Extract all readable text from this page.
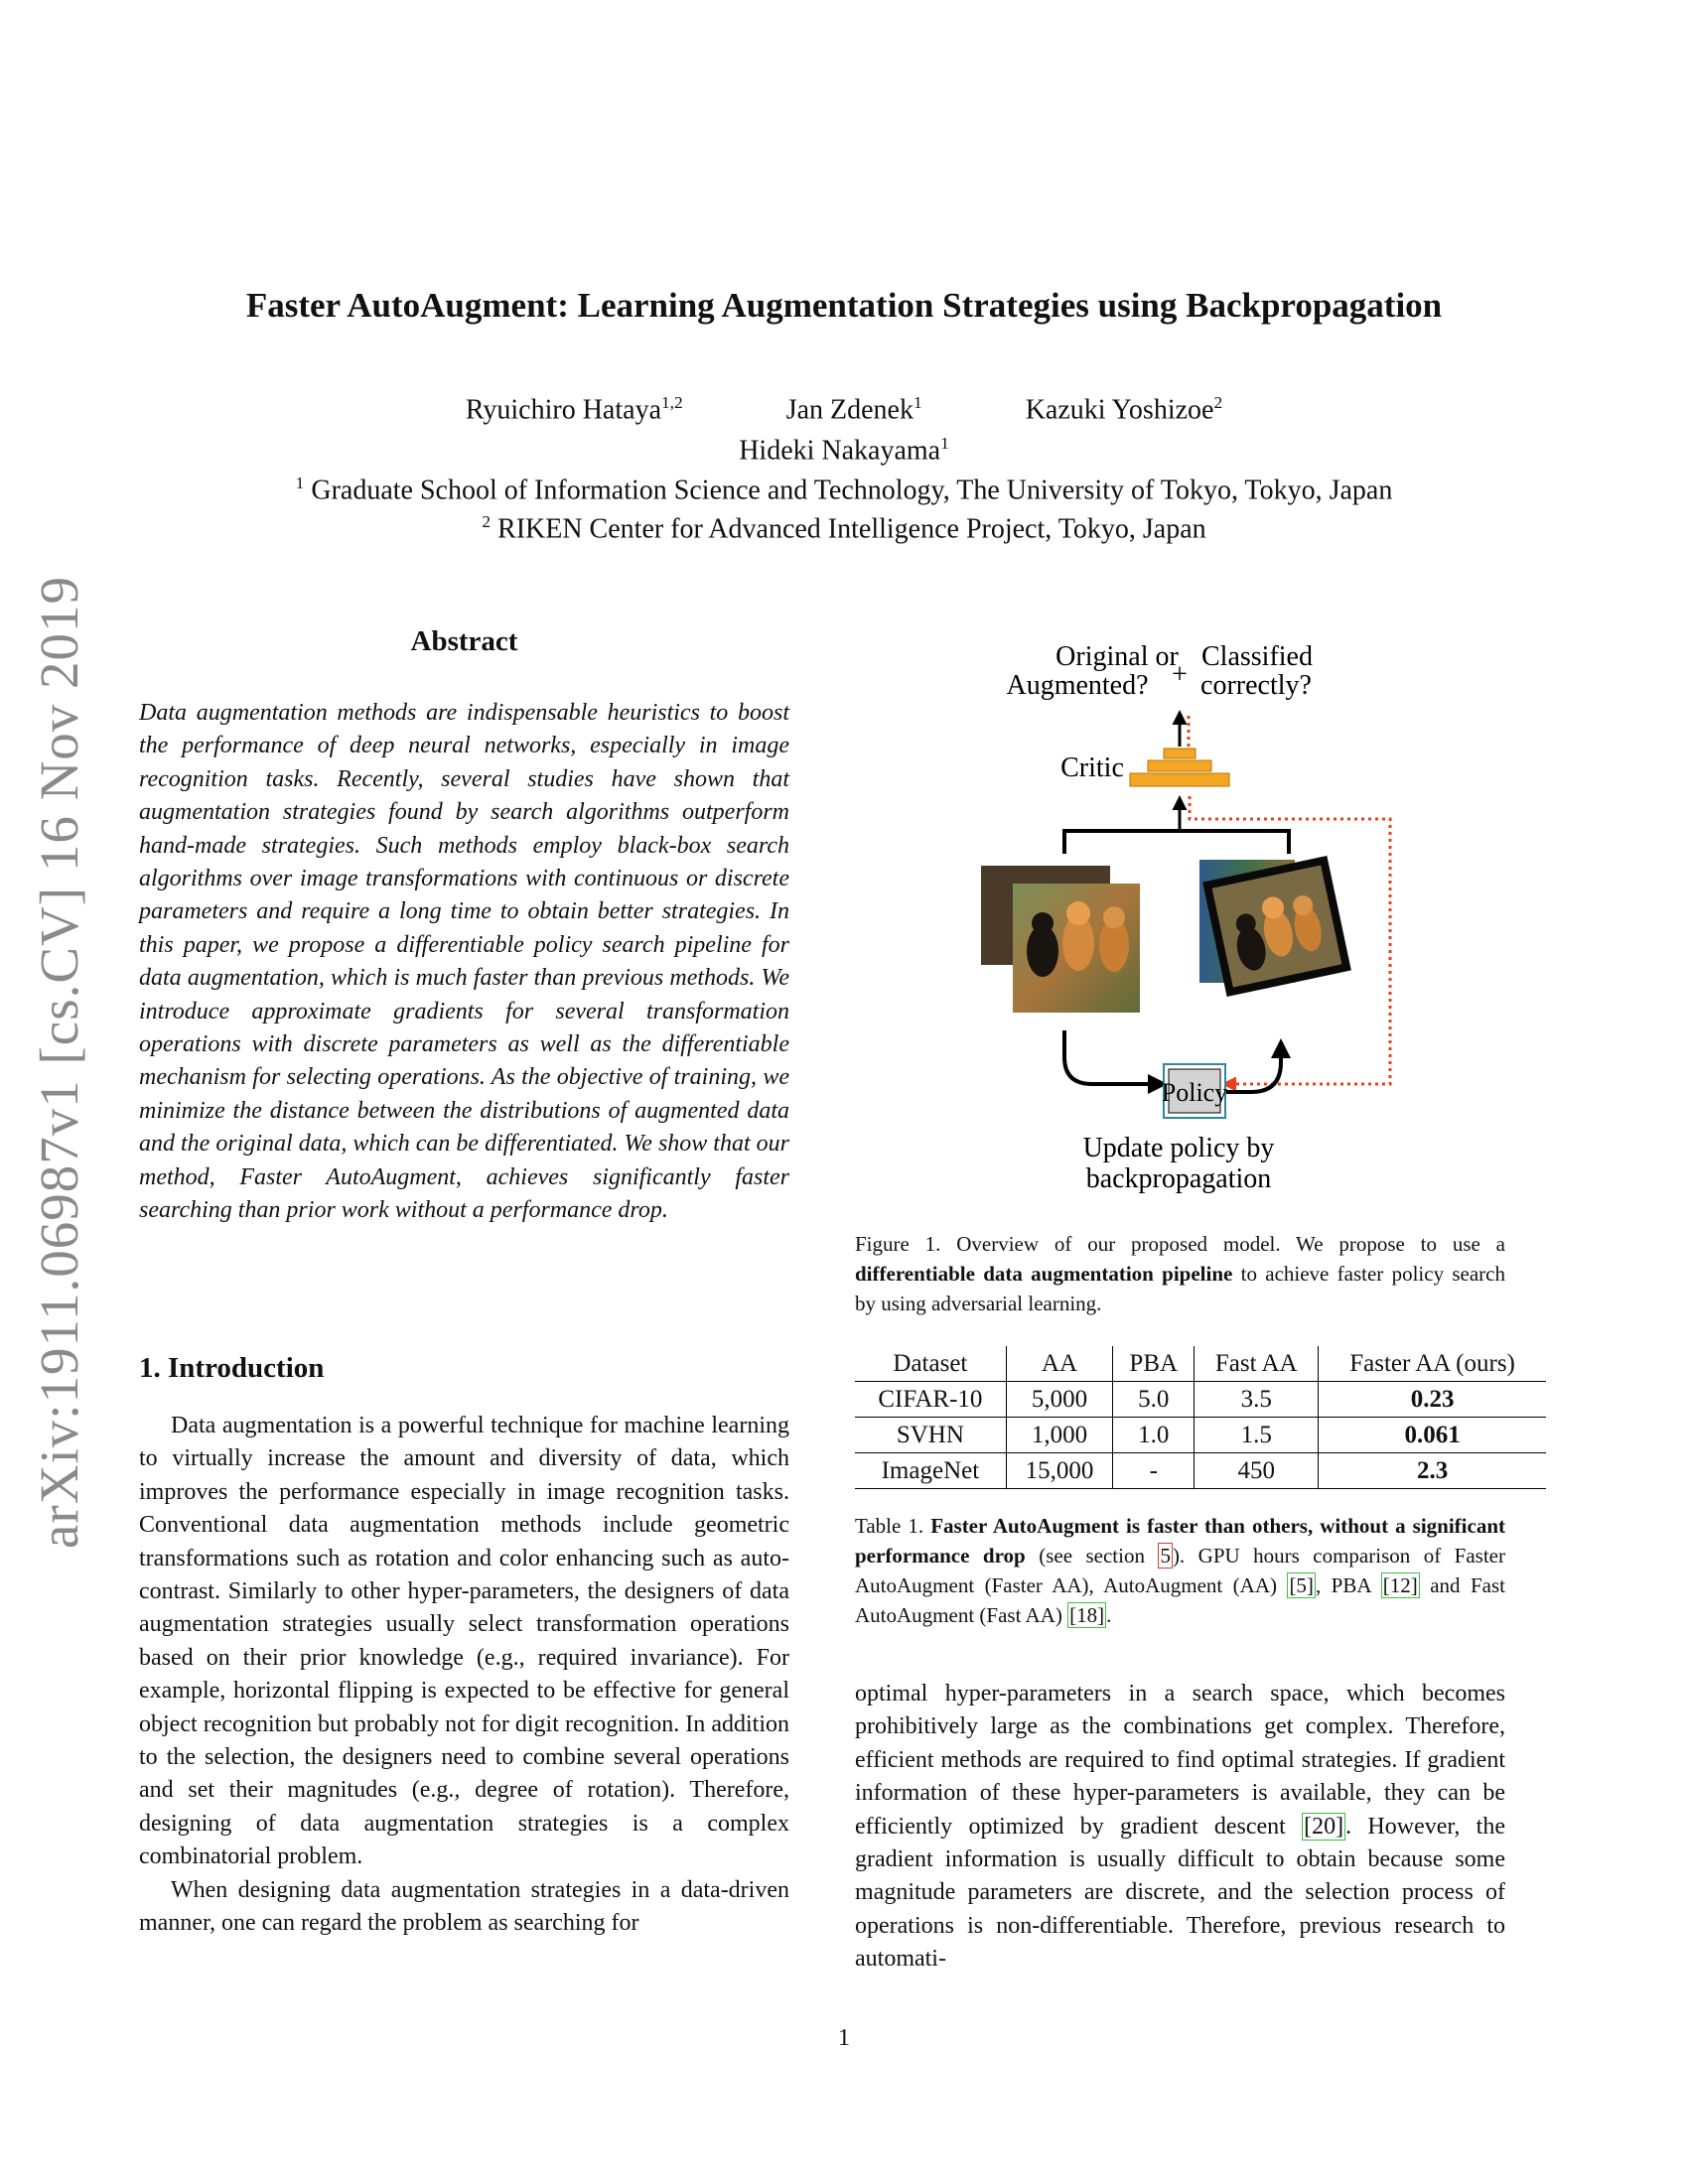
Faster AutoAugment: Learning Augmentation Strategies using Backpropagation
Ryuichiro Hataya$^{1,2}$	Jan Zdenek$^1$	Kazuki Yoshizoe$^2$
Hideki Nakayama$^1$
$^1$ Graduate School of Information Science and Technology, The University of Tokyo, Tokyo, Japan
$^2$ RIKEN Center for Advanced Intelligence Project, Tokyo, Japan
arXiv:1911.06987v1 [cs.CV] 16 Nov 2019	Abstract
Data augmentation methods are indispensable heuristics to boost the performance of deep neural networks, especially in image recognition tasks. Recently, several studies have shown that augmentation strategies found by search algorithms outperform hand-made strategies. Such methods employ black-box search algorithms over image transformations with continuous or discrete parameters and require a long time to obtain better strategies. In this paper, we propose a differentiable policy search pipeline for data augmentation, which is much faster than previous methods. We introduce approximate gradients for several transformation operations with discrete parameters as well as the differentiable mechanism for selecting operations. As the objective of training, we minimize the distance between the distributions of augmented data and the original data, which can be differentiated. We show that our method, Faster AutoAugment, achieves significantly faster searching than prior work without a performance drop.
1. Introduction

Data augmentation is a powerful technique for machine learning to virtually increase the amount and diversity of data, which improves the performance especially in image recognition tasks. Conventional data augmentation methods include geometric transformations such as rotation and color enhancing such as auto-contrast. Similarly to other hyper-parameters, the designers of data augmentation strategies usually select transformation operations based on their prior knowledge (e.g., required invariance). For example, horizontal flipping is expected to be effective for general object recognition but probably not for digit recognition. In addition to the selection, the designers need to combine several operations and set their magnitudes (e.g., degree of rotation). Therefore, designing of data augmentation strategies is a complex combinatorial problem.

When designing data augmentation strategies in a data-driven manner, one can regard the problem as searching for

Original or
Augmented? +
Classified
correctly?
Critic
Policy
Update policy by
backpropagation
Figure 1. Overview of our proposed model. We propose to use a differentiable data augmentation pipeline to achieve faster policy search by using adversarial learning.
Dataset	AA	PBA	Fast AA	Faster AA (ours)
CIFAR-10	5,000	5.0	3.5	0.23
SVHN	1,000	1.0	1.5	0.061
ImageNet	15,000	-	450	2.3
Table 1. Faster AutoAugment is faster than others, without a significant performance drop (see section 5). GPU hours comparison of Faster AutoAugment (Faster AA), AutoAugment (AA) [5], PBA [12] and Fast AutoAugment (Fast AA) [18].
optimal hyper-parameters in a search space, which becomes prohibitively large as the combinations get complex. Therefore, efficient methods are required to find optimal strategies. If gradient information of these hyper-parameters is available, they can be efficiently optimized by gradient descent [20]. However, the gradient information is usually difficult to obtain because some magnitude parameters are discrete, and the selection process of operations is non-differentiable. Therefore, previous research to automati-
1
